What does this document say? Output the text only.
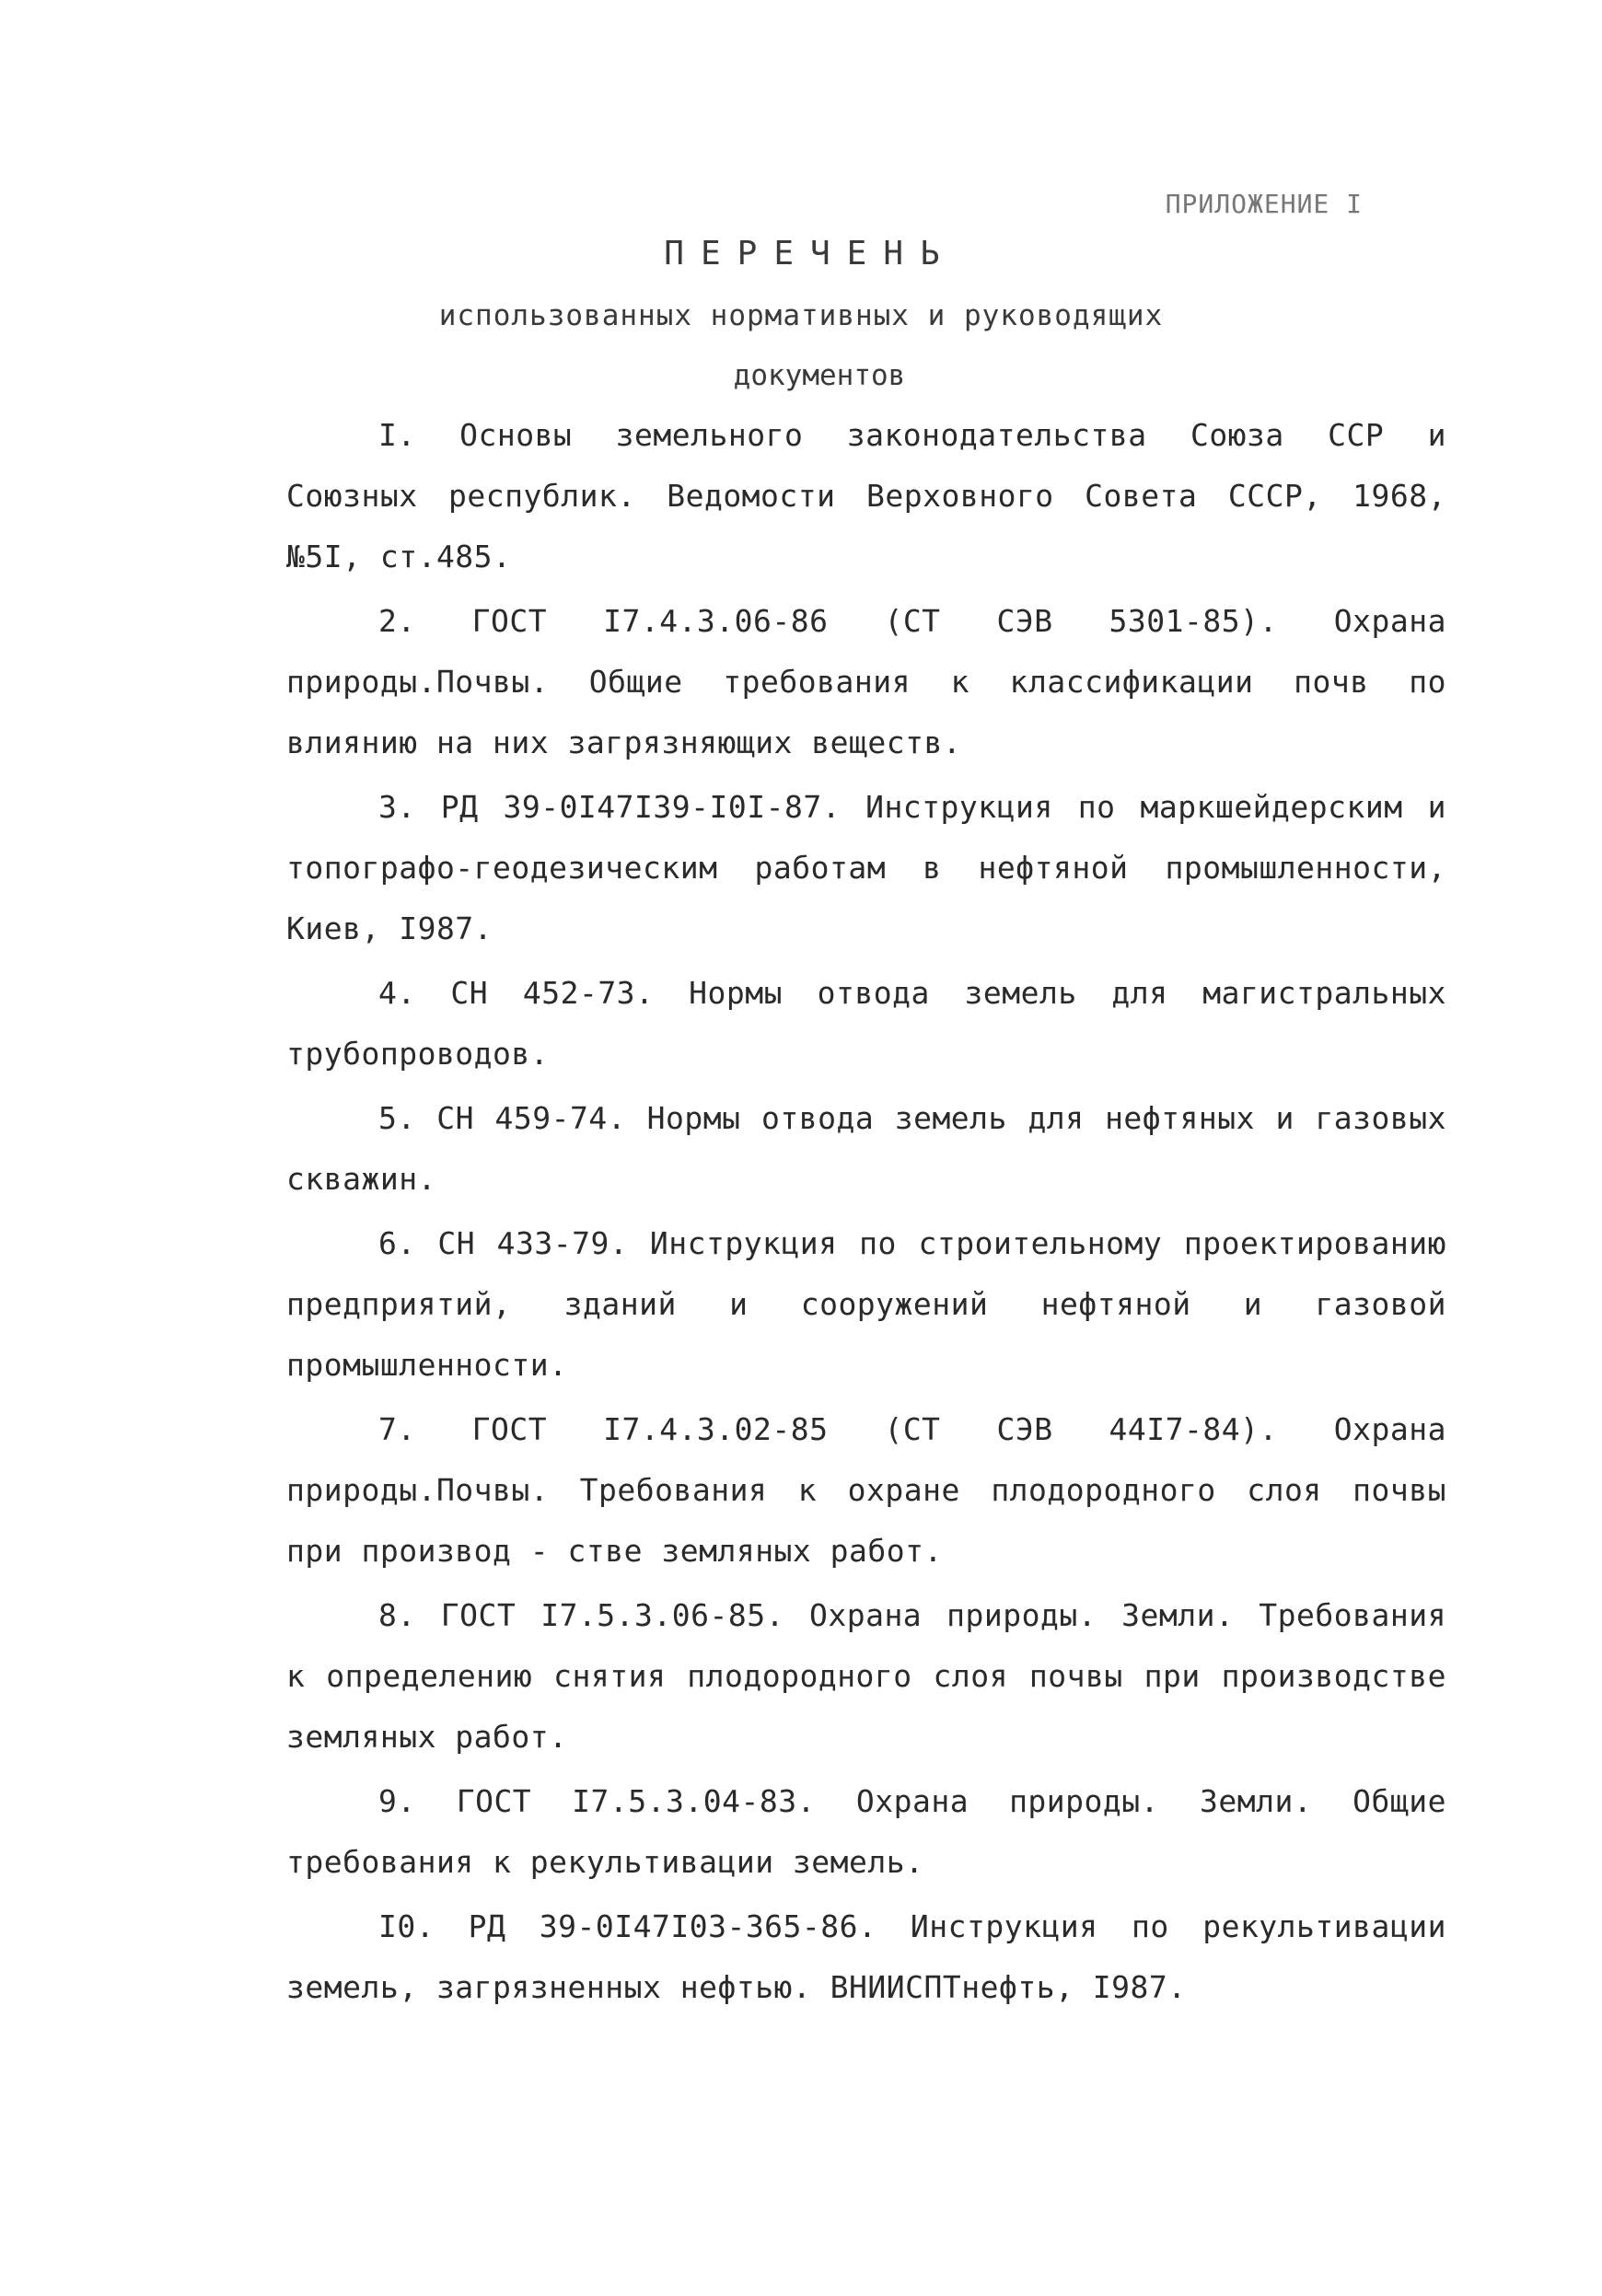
ПРИЛОЖЕНИЕ I
ПЕРЕЧЕНЬ
использованных нормативных и руководящих
документов

I. Основы земельного законодательства Союза ССР и Союзных республик. Ведомости Верховного Совета СССР, 1968, №5I, ст.485.

2. ГОСТ I7.4.3.06-86 (СТ СЭВ 5301-85). Охрана природы.Почвы. Общие требования к классификации почв по влиянию на них загрязняющих веществ.

3. РД 39-0I47I39-I0I-87. Инструкция по маркшейдерским и топографо-геодезическим работам в нефтяной промышленности, Киев, I987.

4. СН 452-73. Нормы отвода земель для магистральных трубопроводов.

5. СН 459-74. Нормы отвода земель для нефтяных и газовых скважин.

6. СН 433-79. Инструкция по строительному проектированию предприятий, зданий и сооружений нефтяной и газовой промышленности.

7. ГОСТ I7.4.3.02-85 (СТ СЭВ 44I7-84). Охрана природы.Почвы. Требования к охране плодородного слоя почвы при производ - стве земляных работ.

8. ГОСТ I7.5.3.06-85. Охрана природы. Земли. Требования к определению снятия плодородного слоя почвы при производстве земляных работ.

9. ГОСТ I7.5.3.04-83. Охрана природы. Земли. Общие требования к рекультивации земель.

I0. РД 39-0I47I03-365-86. Инструкция по рекультивации земель, загрязненных нефтью. ВНИИСПТнефть, I987.
